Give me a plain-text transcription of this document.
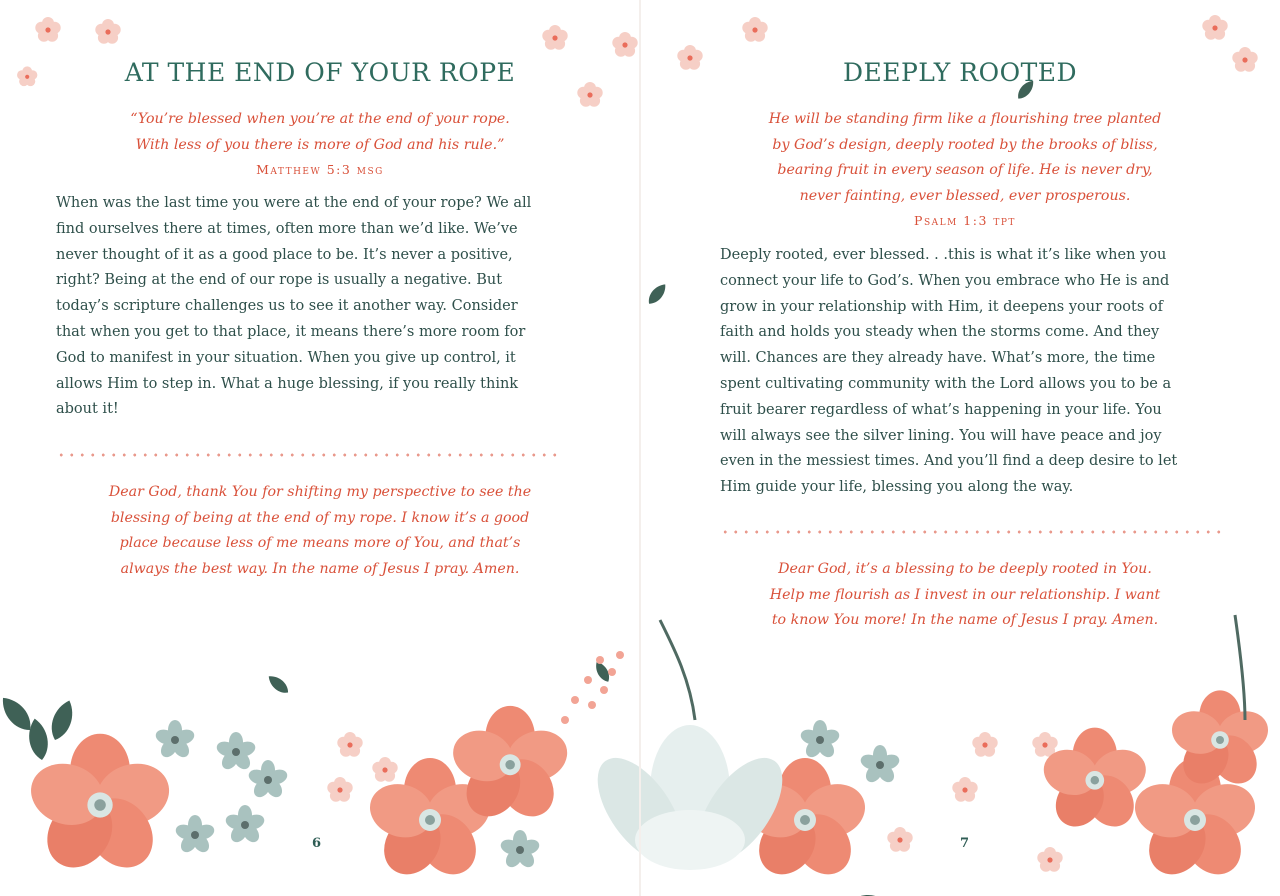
AT THE END OF YOUR ROPE
“You’re blessed when you’re at the end of your rope.
With less of you there is more of God and his rule.”
Matthew 5:3 msg
When was the last time you were at the end of your rope? We all
find ourselves there at times, often more than we’d like. We’ve
never thought of it as a good place to be. It’s never a positive,
right? Being at the end of our rope is usually a negative. But
today’s scripture challenges us to see it another way. Consider
that when you get to that place, it means there’s more room for
God to manifest in your situation. When you give up control, it
allows Him to step in. What a huge blessing, if you really think
about it!
Dear God, thank You for shifting my perspective to see the
blessing of being at the end of my rope. I know it’s a good
place because less of me means more of You, and that’s
always the best way. In the name of Jesus I pray. Amen.
6
DEEPLY ROOTED
He will be standing firm like a flourishing tree planted
by God’s design, deeply rooted by the brooks of bliss,
bearing fruit in every season of life. He is never dry,
never fainting, ever blessed, ever prosperous.
Psalm 1:3 tpt
Deeply rooted, ever blessed. . .this is what it’s like when you
connect your life to God’s. When you embrace who He is and
grow in your relationship with Him, it deepens your roots of
faith and holds you steady when the storms come. And they
will. Chances are they already have. What’s more, the time
spent cultivating community with the Lord allows you to be a
fruit bearer regardless of what’s happening in your life. You
will always see the silver lining. You will have peace and joy
even in the messiest times. And you’ll find a deep desire to let
Him guide your life, blessing you along the way.
Dear God, it’s a blessing to be deeply rooted in You.
Help me flourish as I invest in our relationship. I want
to know You more! In the name of Jesus I pray. Amen.
7
